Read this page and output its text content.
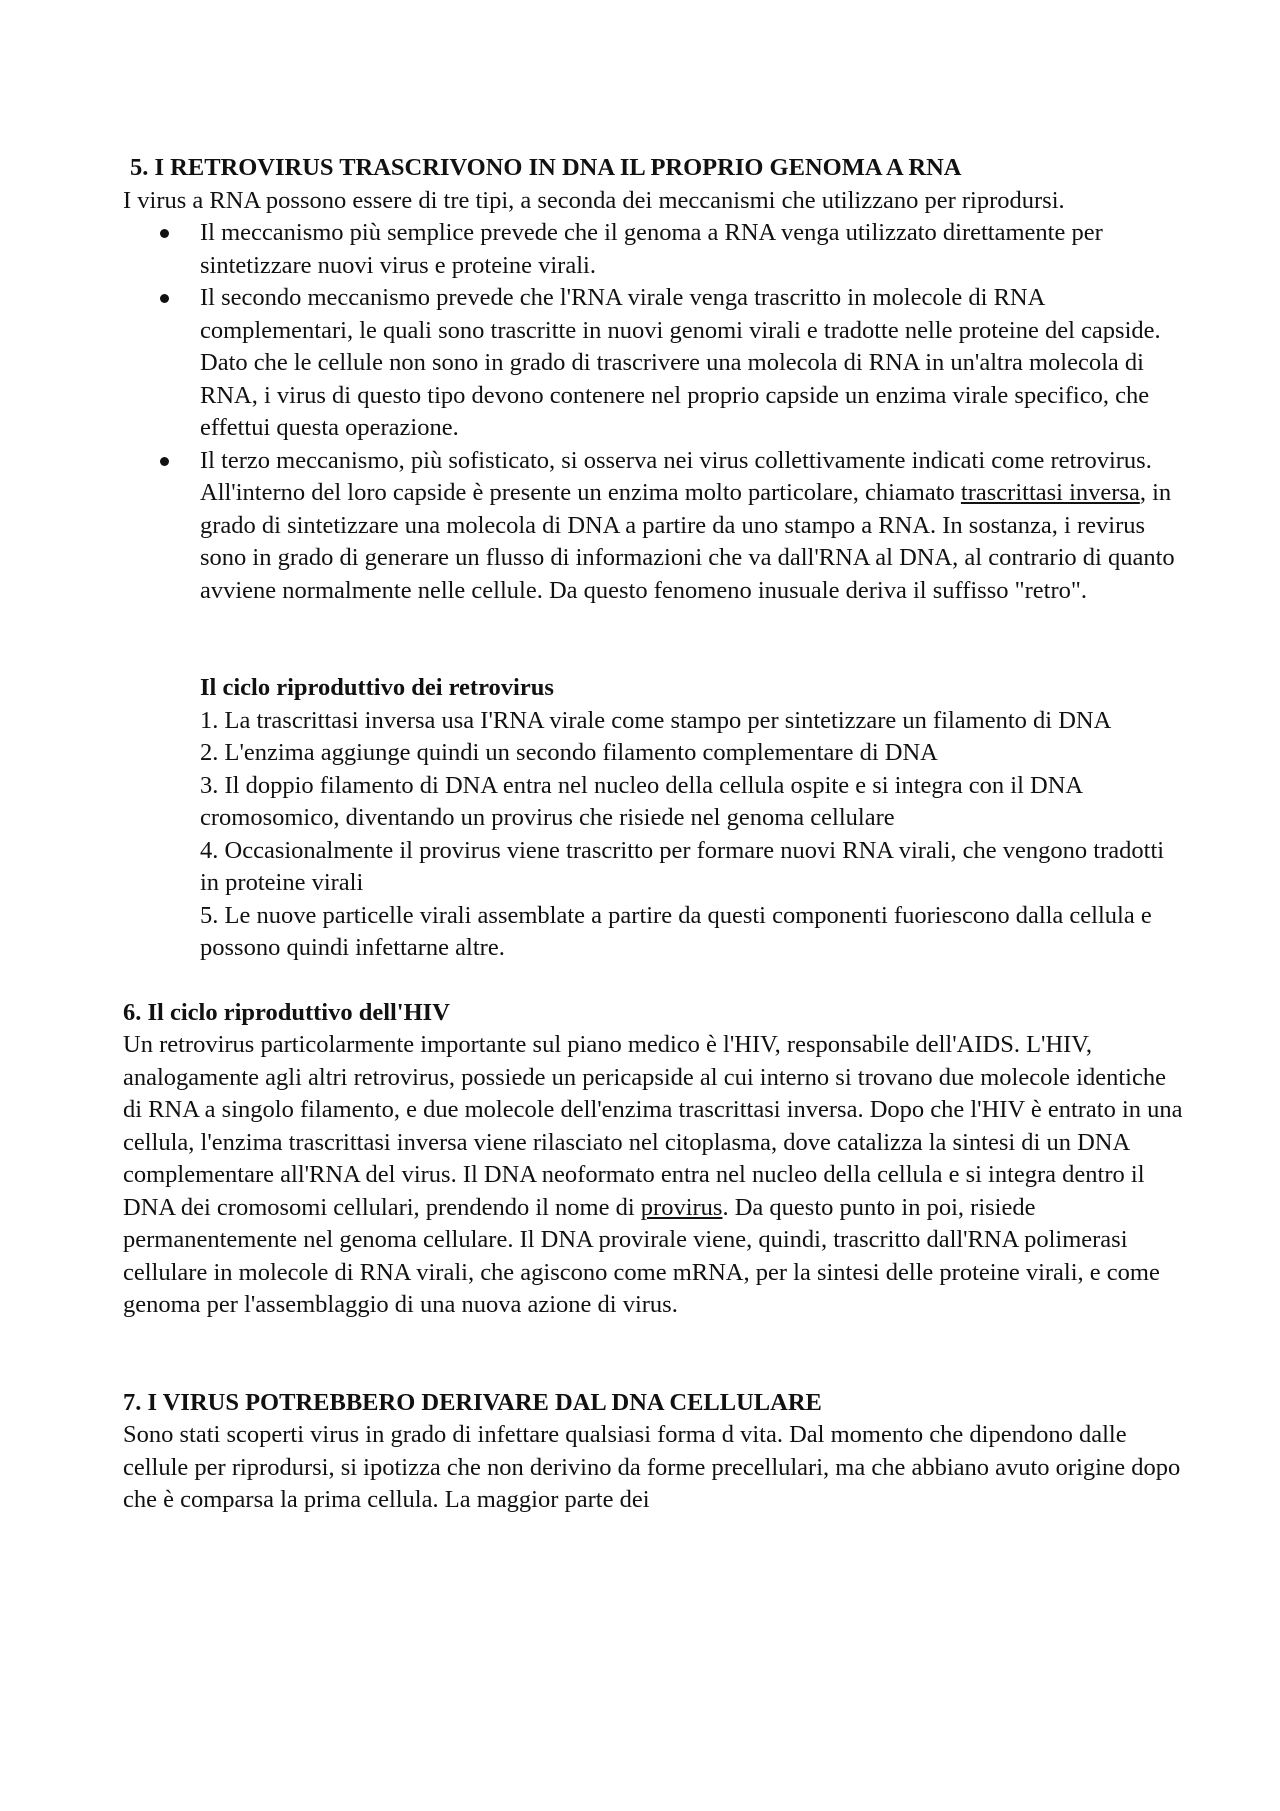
5. I RETROVIRUS TRASCRIVONO IN DNA IL PROPRIO GENOMA A RNA

I virus a RNA possono essere di tre tipi, a seconda dei meccanismi che utilizzano per riprodursi.

Il meccanismo più semplice prevede che il genoma a RNA venga utilizzato direttamente per sintetizzare nuovi virus e proteine virali.
Il secondo meccanismo prevede che l'RNA virale venga trascritto in molecole di RNA complementari, le quali sono trascritte in nuovi genomi virali e tradotte nelle proteine del capside. Dato che le cellule non sono in grado di trascrivere una molecola di RNA in un'altra molecola di RNA, i virus di questo tipo devono contenere nel proprio capside un enzima virale specifico, che effettui questa operazione.
Il terzo meccanismo, più sofisticato, si osserva nei virus collettivamente indicati come retrovirus. All'interno del loro capside è presente un enzima molto particolare, chiamato trascrittasi inversa, in grado di sintetizzare una molecola di DNA a partire da uno stampo a RNA. In sostanza, i revirus sono in grado di generare un flusso di informazioni che va dall'RNA al DNA, al contrario di quanto avviene normalmente nelle cellule. Da questo fenomeno inusuale deriva il suffisso "retro".

Il ciclo riproduttivo dei retrovirus

1. La trascrittasi inversa usa I'RNA virale come stampo per sintetizzare un filamento di DNA

2. L'enzima aggiunge quindi un secondo filamento complementare di DNA

3. Il doppio filamento di DNA entra nel nucleo della cellula ospite e si integra con il DNA cromosomico, diventando un provirus che risiede nel genoma cellulare

4. Occasionalmente il provirus viene trascritto per formare nuovi RNA virali, che vengono tradotti in proteine virali

5. Le nuove particelle virali assemblate a partire da questi componenti fuoriescono dalla cellula e possono quindi infettarne altre.

6. Il ciclo riproduttivo dell'HIV

Un retrovirus particolarmente importante sul piano medico è l'HIV, responsabile dell'AIDS. L'HIV, analogamente agli altri retrovirus, possiede un pericapside al cui interno si trovano due molecole identiche di RNA a singolo filamento, e due molecole dell'enzima trascrittasi inversa. Dopo che l'HIV è entrato in una cellula, l'enzima trascrittasi inversa viene rilasciato nel citoplasma, dove catalizza la sintesi di un DNA complementare all'RNA del virus. Il DNA neoformato entra nel nucleo della cellula e si integra dentro il DNA dei cromosomi cellulari, prendendo il nome di provirus. Da questo punto in poi, risiede permanentemente nel genoma cellulare. Il DNA provirale viene, quindi, trascritto dall'RNA polimerasi cellulare in molecole di RNA virali, che agiscono come mRNA, per la sintesi delle proteine virali, e come genoma per l'assemblaggio di una nuova azione di virus.

7. I VIRUS POTREBBERO DERIVARE DAL DNA CELLULARE

Sono stati scoperti virus in grado di infettare qualsiasi forma d vita. Dal momento che dipendono dalle cellule per riprodursi, si ipotizza che non derivino da forme precellulari, ma che abbiano avuto origine dopo che è comparsa la prima cellula. La maggior parte dei
